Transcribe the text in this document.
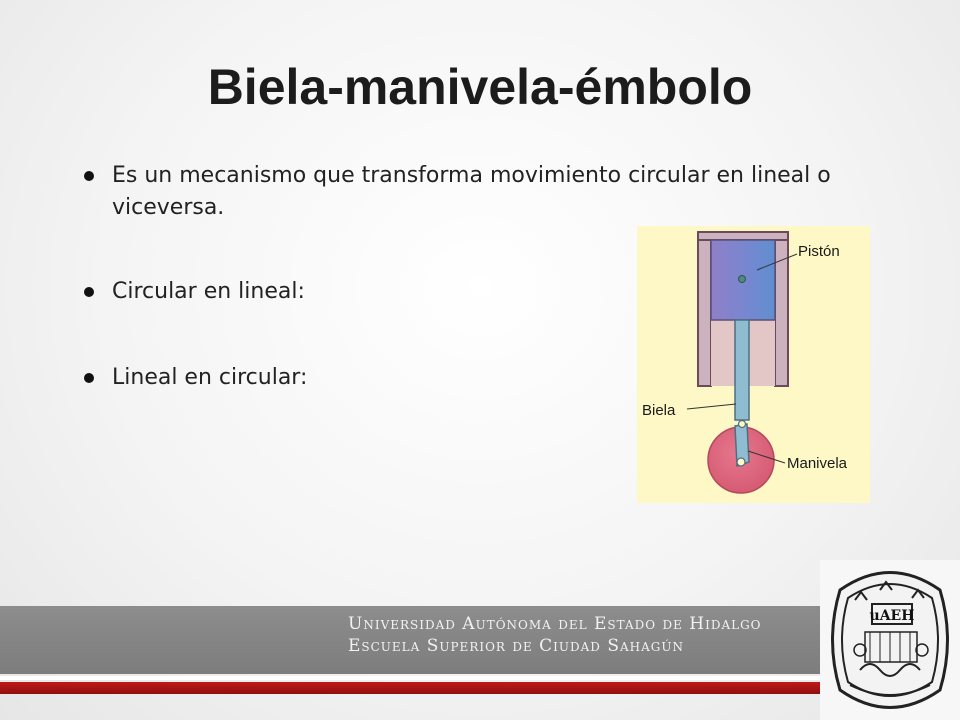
Biela-manivela-émbolo
Es un mecanismo que transforma movimiento circular en lineal o viceversa.
Circular en lineal:
Lineal en circular:
Pistón
Biela
Manivela
Universidad Autónoma del Estado de Hidalgo
Escuela Superior de Ciudad Sahagún
uAEH
